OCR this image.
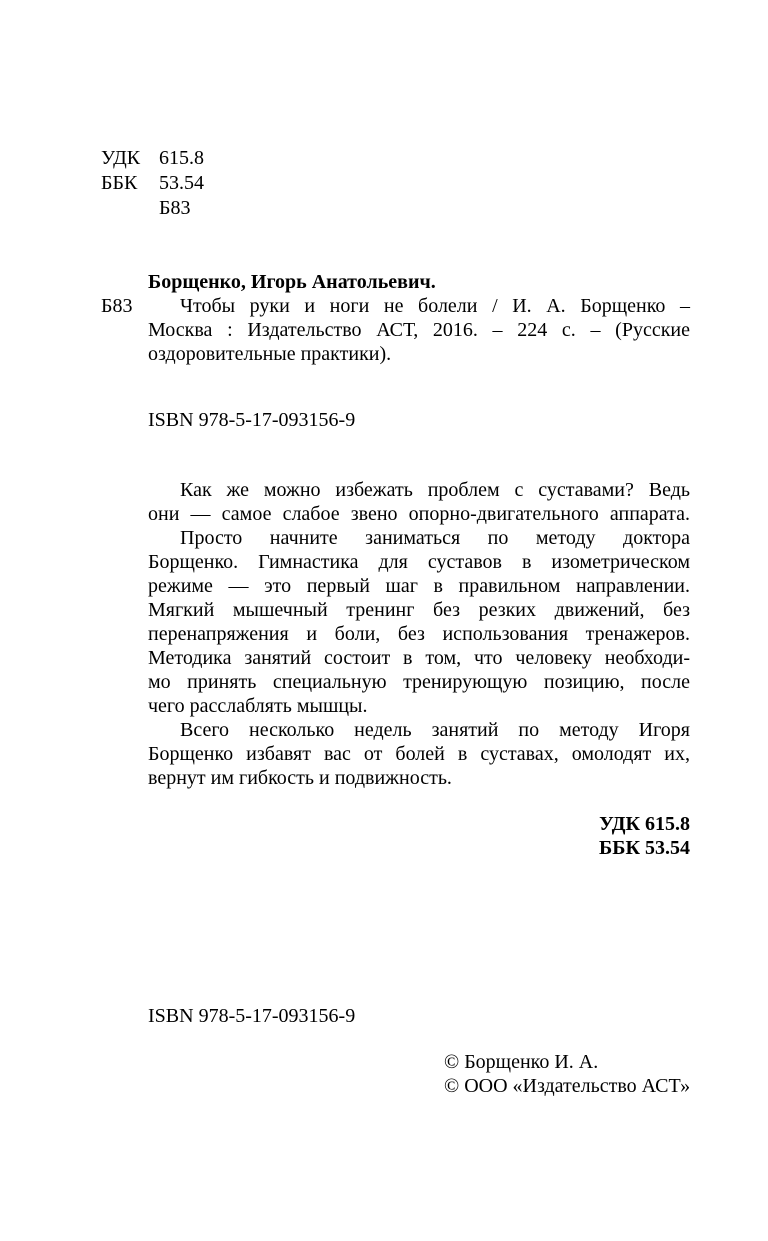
УДК 615.8
ББК 53.54
Б83
Борщенко, Игорь Анатольевич.
Б83	Чтобы руки и ноги не болели / И. А. Борщенко –
Москва : Издательство АСТ, 2016. – 224 с. – (Русские
оздоровительные практики).
ISBN 978-5-17-093156-9
Как же можно избежать проблем с суставами? Ведь
они — самое слабое звено опорно-двигательного аппарата.
Просто начните заниматься по методу доктора
Борщенко. Гимнастика для суставов в изометрическом
режиме — это первый шаг в правильном направлении.
Мягкий мышечный тренинг без резких движений, без
перенапряжения и боли, без использования тренажеров.
Методика занятий состоит в том, что человеку необходи-
мо принять специальную тренирующую позицию, после
чего расслаблять мышцы.
Всего несколько недель занятий по методу Игоря
Борщенко избавят вас от болей в суставах, омолодят их,
вернут им гибкость и подвижность.
УДК 615.8
ББК 53.54
ISBN 978-5-17-093156-9
© Борщенко И. А.
© ООО «Издательство АСТ»
